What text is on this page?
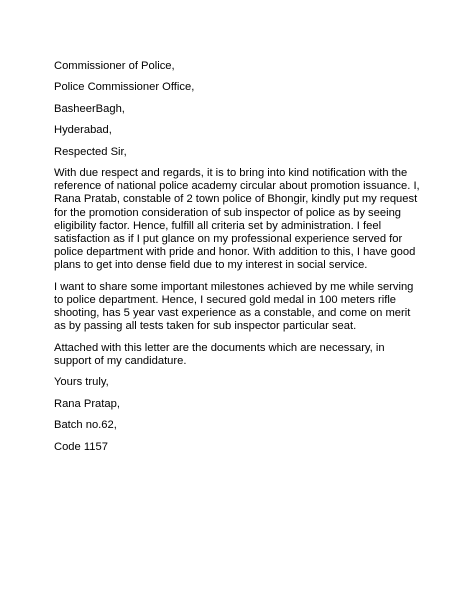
Commissioner of Police,

Police Commissioner Office,

BasheerBagh,

Hyderabad,

Respected Sir,

With due respect and regards, it is to bring into kind notification with the reference of national police academy circular about promotion issuance. I, Rana Pratab, constable of 2 town police of Bhongir, kindly put my request for the promotion consideration of sub inspector of police as by seeing eligibility factor. Hence, fulfill all criteria set by administration. I feel satisfaction as if I put glance on my professional experience served for police department with pride and honor. With addition to this, I have good plans to get into dense field due to my interest in social service.

I want to share some important milestones achieved by me while serving to police department. Hence, I secured gold medal in 100 meters rifle shooting, has 5 year vast experience as a constable, and come on merit as by passing all tests taken for sub inspector particular seat.

Attached with this letter are the documents which are necessary, in support of my candidature.

Yours truly,

Rana Pratap,

Batch no.62,

Code 1157
